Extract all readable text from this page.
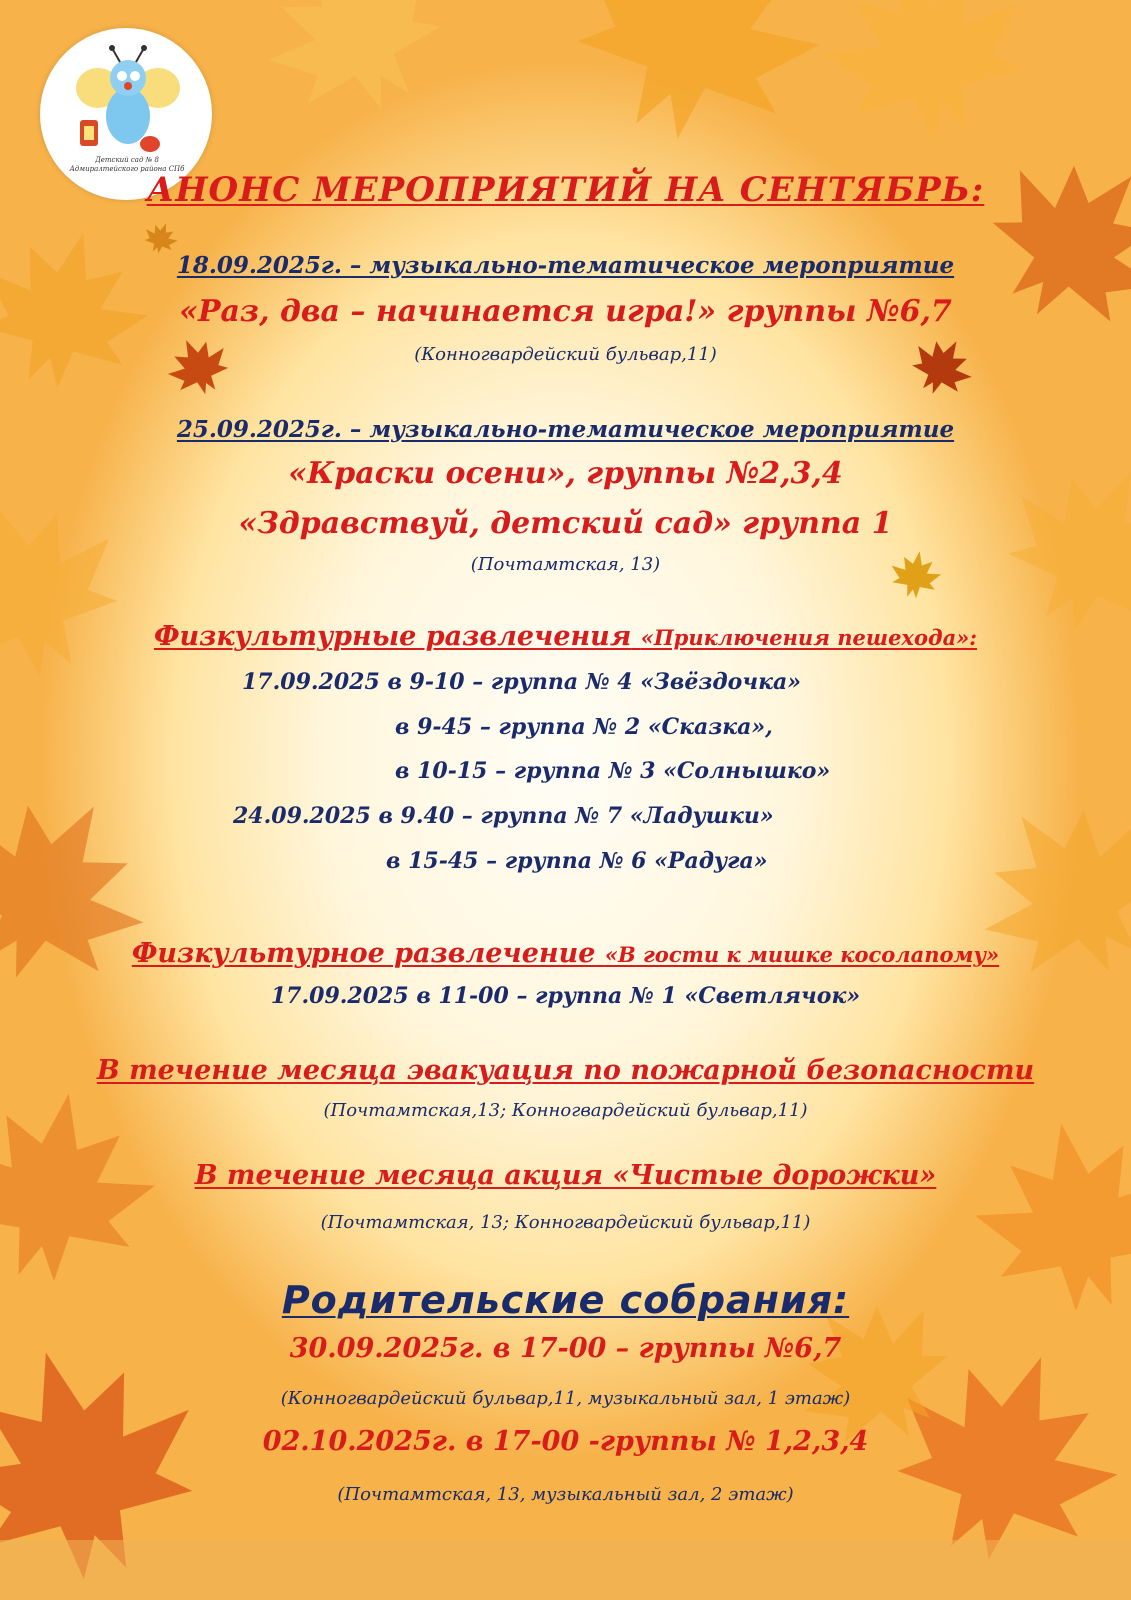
Детский сад № 8 Адмиралтейского района СПб
АНОНС МЕРОПРИЯТИЙ НА СЕНТЯБРЬ:
18.09.2025г. – музыкально-тематическое мероприятие
«Раз, два – начинается игра!» группы №6,7
(Конногвардейский бульвар,11)
25.09.2025г. – музыкально-тематическое мероприятие
«Краски осени», группы №2,3,4
«Здравствуй, детский сад» группа 1
(Почтамтская, 13)
Физкультурные развлечения «Приключения пешехода»:
17.09.2025 в 9-10 – группа № 4 «Звёздочка»
в 9-45 – группа № 2 «Сказка»,
в 10-15 – группа № 3 «Солнышко»
24.09.2025 в 9.40 – группа № 7 «Ладушки»
в 15-45 – группа № 6 «Радуга»
Физкультурное развлечение «В гости к мишке косолапому»
17.09.2025 в 11-00 – группа № 1 «Светлячок»
В течение месяца эвакуация по пожарной безопасности
(Почтамтская,13; Конногвардейский бульвар,11)
В течение месяца акция «Чистые дорожки»
(Почтамтская, 13; Конногвардейский бульвар,11)
Родительские собрания:
30.09.2025г. в 17-00 – группы №6,7
(Конногвардейский бульвар,11, музыкальный зал, 1 этаж)
02.10.2025г. в 17-00 -группы № 1,2,3,4
(Почтамтская, 13, музыкальный зал, 2 этаж)
